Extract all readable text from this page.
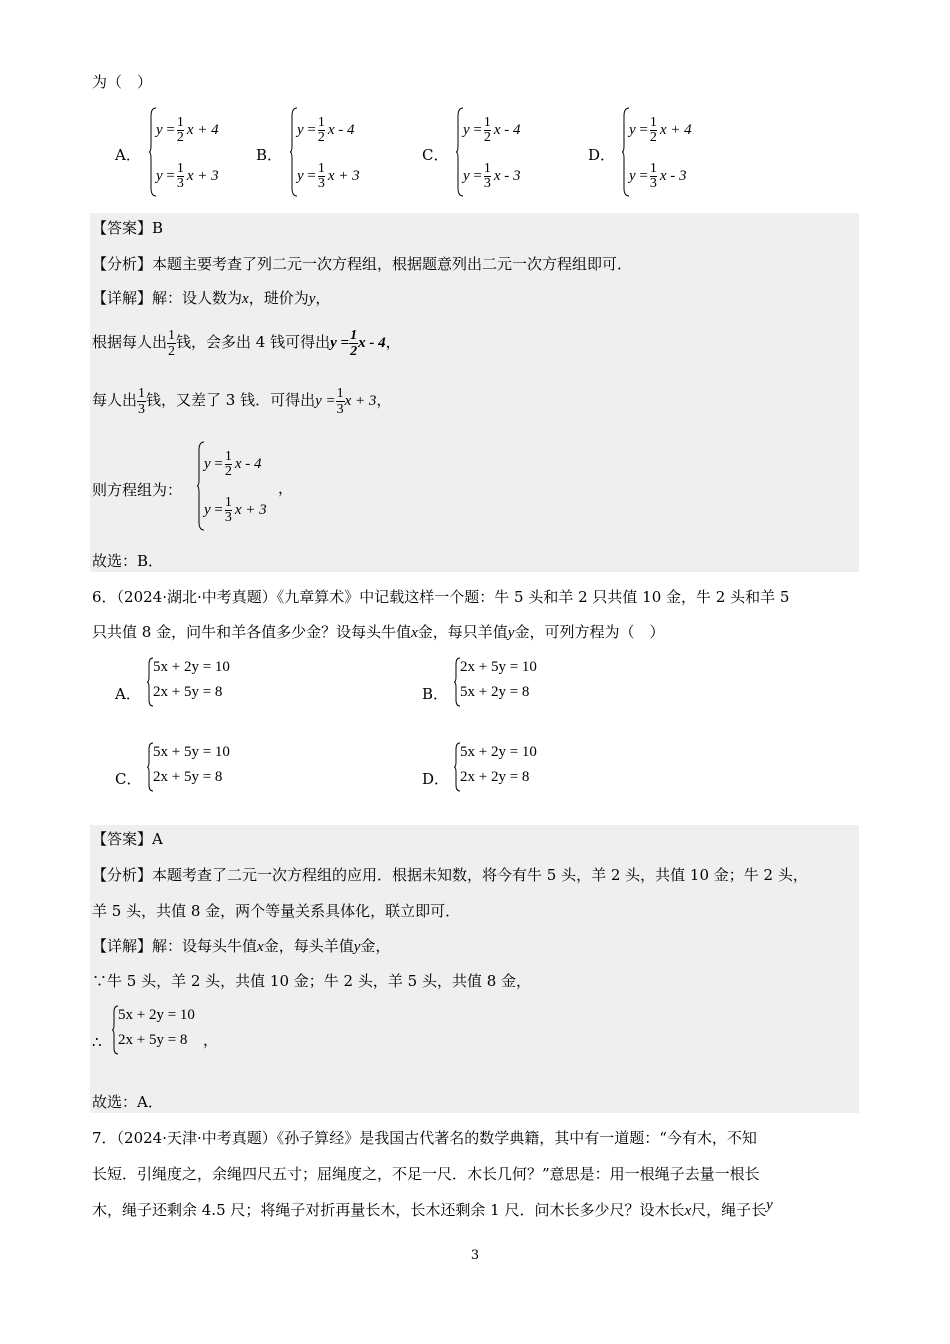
为（　）
A．
$y = \frac{1}{2}$ x + 4
$y = \frac{1}{3}$ x + 3
B．
$y = \frac{1}{2}$ x - 4
$y = \frac{1}{3}$ x + 3
C．
$y = \frac{1}{2}$ x - 4
$y = \frac{1}{3}$ x - 3
D．
$y = \frac{1}{2}$ x + 4
$y = \frac{1}{3}$ x - 3
【答案】B
【分析】本题主要考查了列二元一次方程组，根据题意列出二元一次方程组即可．
【详解】解：设人数为x，琎价为y，
根据每人出 $\frac{1}{2}$ 钱，会多出 4 钱可得出$y = \frac{1}{2}$ x - 4，
每人出 $\frac{1}{3}$ 钱，又差了 3 钱．可得出$y = \frac{1}{3}$ x + 3，
则方程组为：
$y = \frac{1}{2}$ x - 4
$y = \frac{1}{3}$ x + 3
，
故选：B．
6．（2024·湖北·中考真题）《九章算术》中记载这样一个题：牛 5 头和羊 2 只共值 10 金，牛 2 头和羊 5
只共值 8 金，问牛和羊各值多少金？设每头牛值x金，每只羊值y金，可列方程为（　）
A．
5x + 2y = 10
2x + 5y = 8	B．
2x + 5y = 10
5x + 2y = 8
C．
5x + 5y = 10
2x + 5y = 8	D．
5x + 2y = 10
2x + 2y = 8
【答案】A
【分析】本题考查了二元一次方程组的应用．根据未知数，将今有牛 5 头，羊 2 头，共值 10 金；牛 2 头，
羊 5 头，共值 8 金，两个等量关系具体化，联立即可．
【详解】解：设每头牛值x金，每头羊值y金，
∵牛 5 头，羊 2 头，共值 10 金；牛 2 头，羊 5 头，共值 8 金，
∴
5x + 2y = 10
2x + 5y = 8 ，
故选：A．
7．（2024·天津·中考真题）《孙子算经》是我国古代著名的数学典籍，其中有一道题：“今有木，不知
长短．引绳度之，余绳四尺五寸；屈绳度之，不足一尺．木长几何？”意思是：用一根绳子去量一根长
木，绳子还剩余 4.5 尺；将绳子对折再量长木，长木还剩余 1 尺．问木长多少尺？设木长x尺，绳子长y
3
